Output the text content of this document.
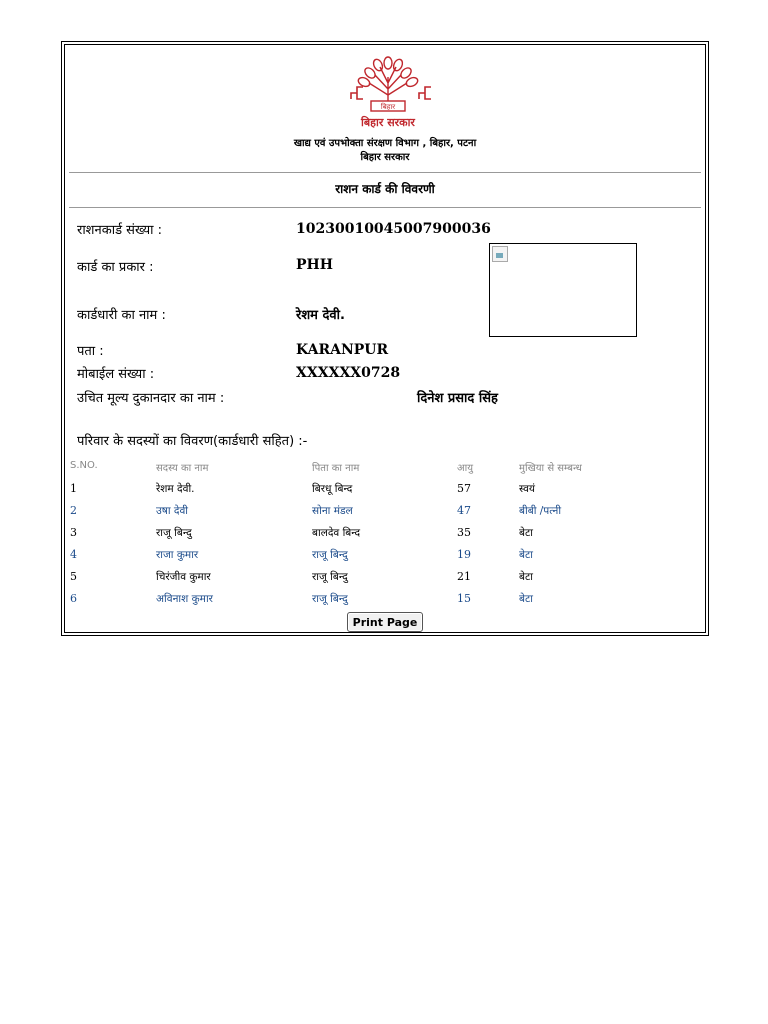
बिहार
बिहार सरकार
खाद्य एवं उपभोक्ता संरक्षण विभाग , बिहार, पटना
बिहार सरकार
राशन कार्ड की विवरणी
राशनकार्ड संख्या :	10230010045007900036
कार्ड का प्रकार :	PHH
कार्डधारी का नाम :	रेशम देवी.
पता :	KARANPUR
मोबाईल संख्या :	XXXXXX0728
उचित मूल्य दुकानदार का नाम :	दिनेश प्रसाद सिंह
परिवार के सदस्यों का विवरण(कार्डधारी सहित) :-
S.NO.	सदस्य का नाम	पिता का नाम	आयु	मुखिया से सम्बन्ध
1	रेशम देवी.	बिरधू बिन्द	57	स्वयं
2	उषा देवी	सोना मंडल	47	बीबी /पत्नी
3	राजू बिन्दु	बालदेव बिन्द	35	बेटा
4	राजा कुमार	राजू बिन्दु	19	बेटा
5	चिरंजीव कुमार	राजू बिन्दु	21	बेटा
6	अविनाश कुमार	राजू बिन्दु	15	बेटा
Print Page
